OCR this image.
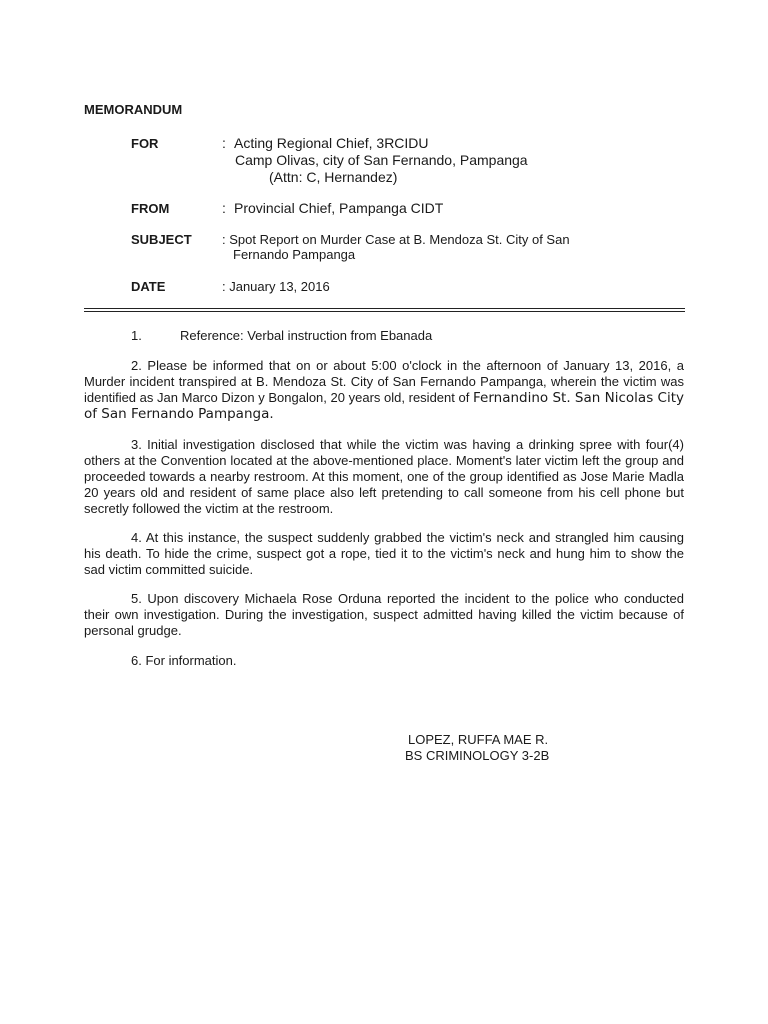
MEMORANDUM
FOR	: Acting Regional Chief, 3RCIDU
Camp Olivas, city of San Fernando, Pampanga
(Attn: C, Hernandez)
FROM	: Provincial Chief, Pampanga CIDT
SUBJECT : Spot Report on Murder Case at B. Mendoza St. City of San
Fernando Pampanga
DATE	: January 13, 2016
1.	Reference: Verbal instruction from Ebanada
2. Please be informed that on or about 5:00 o'clock in the afternoon of January 13, 2016, a Murder incident transpired at B. Mendoza St. City of San Fernando Pampanga, wherein the victim was identified as Jan Marco Dizon y Bongalon, 20 years old, resident of Fernandino St. San Nicolas City of San Fernando Pampanga.
3. Initial investigation disclosed that while the victim was having a drinking spree with four(4) others at the Convention located at the above-mentioned place. Moment's later victim left the group and proceeded towards a nearby restroom. At this moment, one of the group identified as Jose Marie Madla 20 years old and resident of same place also left pretending to call someone from his cell phone but secretly followed the victim at the restroom.
4. At this instance, the suspect suddenly grabbed the victim's neck and strangled him causing his death. To hide the crime, suspect got a rope, tied it to the victim's neck and hung him to show the sad victim committed suicide.
5. Upon discovery Michaela Rose Orduna reported the incident to the police who conducted their own investigation. During the investigation, suspect admitted having killed the victim because of personal grudge.
6. For information.
LOPEZ, RUFFA MAE R.
BS CRIMINOLOGY 3-2B
